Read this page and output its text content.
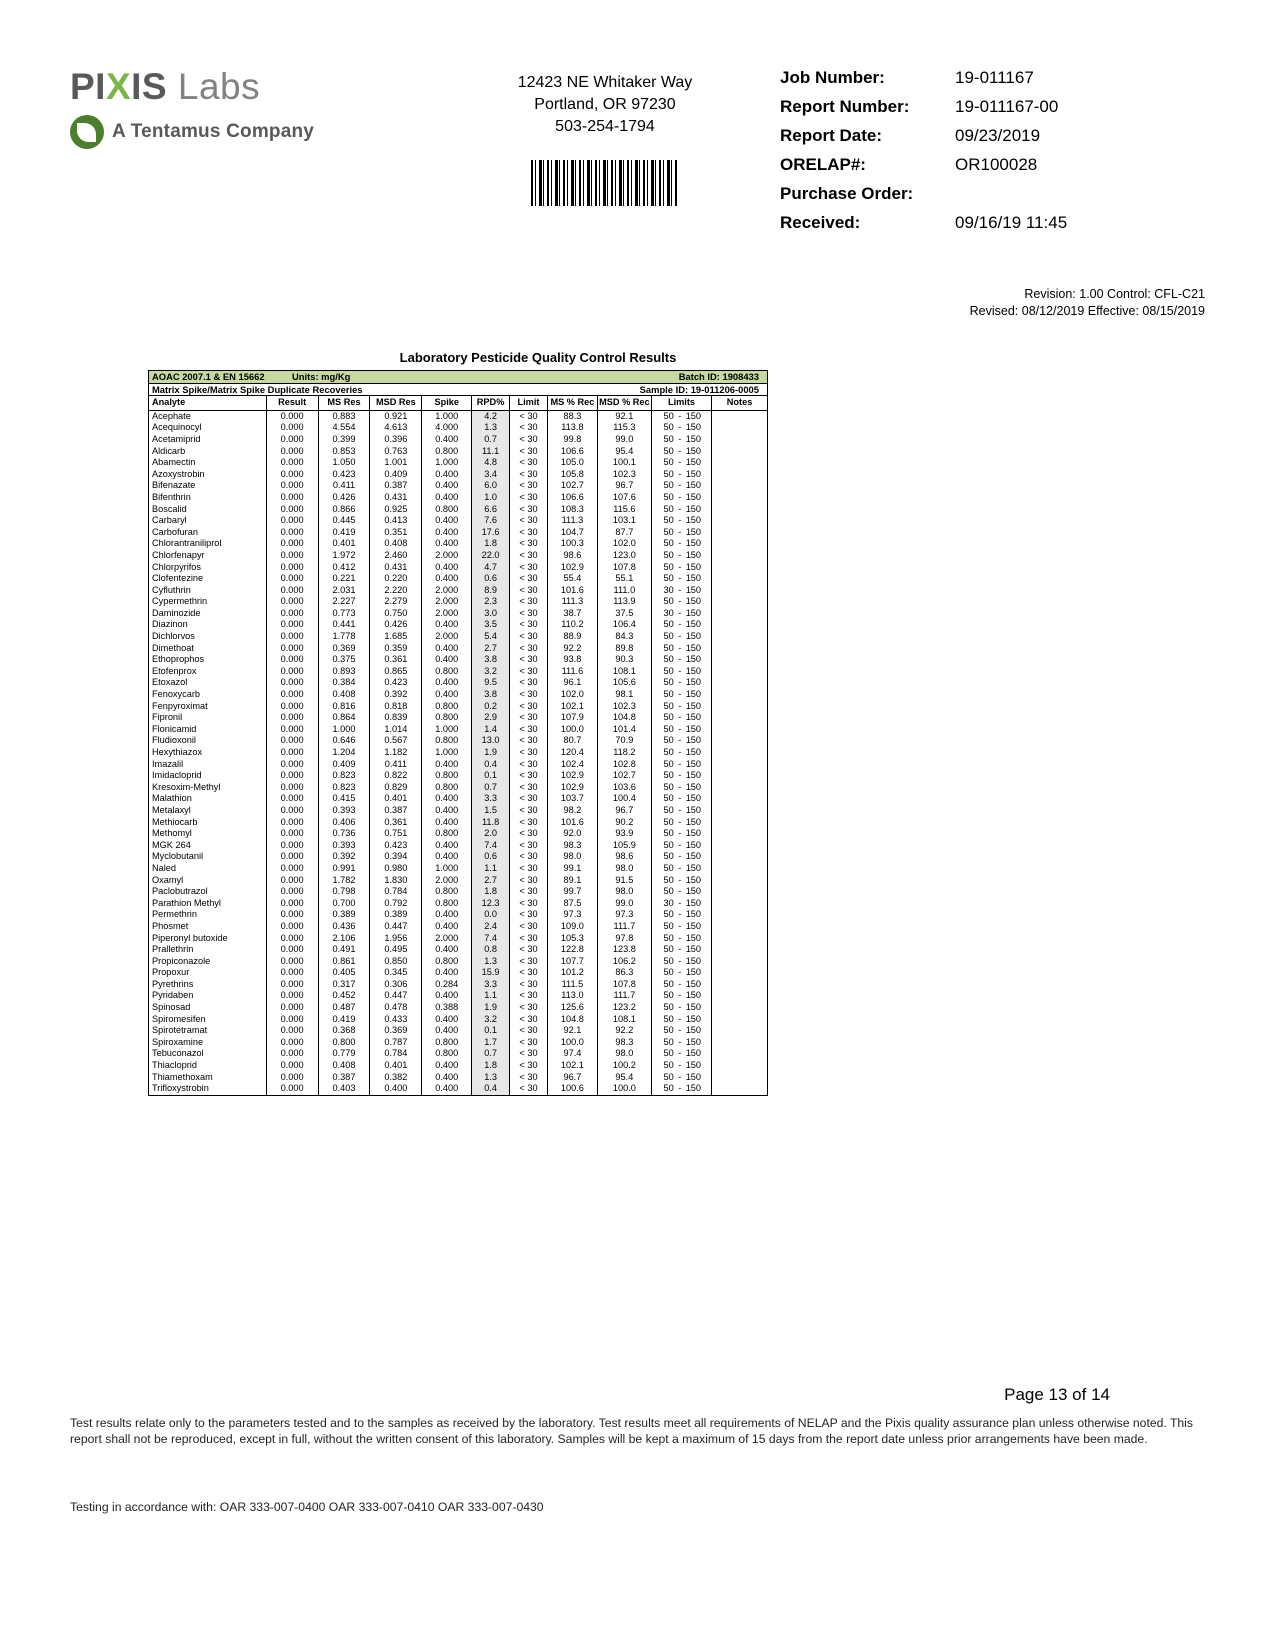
PIXIS Labs
A Tentamus Company
12423 NE Whitaker Way
Portland, OR 97230
503-254-1794
Job Number:	19-011167
Report Number:	19-011167-00
Report Date:	09/23/2019
ORELAP#:	OR100028
Purchase Order:
Received:	09/16/19 11:45
Revision: 1.00 Control: CFL-C21
Revised: 08/12/2019 Effective: 08/15/2019
Laboratory Pesticide Quality Control Results
AOAC 2007.1 & EN 15662 Units: mg/Kg Batch ID: 1908433												

Matrix Spike/Matrix Spike Duplicate Recoveries Sample ID: 19-011206-0005												

Analyte	Result	MS Res	MSD Res	Spike	RPD%	Limit	MS % Rec	MSD % Rec	Limits			Notes
Acephate	0.000	0.883	0.921	1.000	4.2	< 30	88.3	92.1	50	-	150	
Acequinocyl	0.000	4.554	4.613	4.000	1.3	< 30	113.8	115.3	50	-	150	
Acetamiprid	0.000	0.399	0.396	0.400	0.7	< 30	99.8	99.0	50	-	150	
Aldicarb	0.000	0.853	0.763	0.800	11.1	< 30	106.6	95.4	50	-	150	
Abamectin	0.000	1.050	1.001	1.000	4.8	< 30	105.0	100.1	50	-	150	
Azoxystrobin	0.000	0.423	0.409	0.400	3.4	< 30	105.8	102.3	50	-	150	
Bifenazate	0.000	0.411	0.387	0.400	6.0	< 30	102.7	96.7	50	-	150	
Bifenthrin	0.000	0.426	0.431	0.400	1.0	< 30	106.6	107.6	50	-	150	
Boscalid	0.000	0.866	0.925	0.800	6.6	< 30	108.3	115.6	50	-	150	
Carbaryl	0.000	0.445	0.413	0.400	7.6	< 30	111.3	103.1	50	-	150	
Carbofuran	0.000	0.419	0.351	0.400	17.6	< 30	104.7	87.7	50	-	150	
Chlorantraniliprol	0.000	0.401	0.408	0.400	1.8	< 30	100.3	102.0	50	-	150	
Chlorfenapyr	0.000	1.972	2.460	2.000	22.0	< 30	98.6	123.0	50	-	150	
Chlorpyrifos	0.000	0.412	0.431	0.400	4.7	< 30	102.9	107.8	50	-	150	
Clofentezine	0.000	0.221	0.220	0.400	0.6	< 30	55.4	55.1	50	-	150	
Cyfluthrin	0.000	2.031	2.220	2.000	8.9	< 30	101.6	111.0	30	-	150	
Cypermethrin	0.000	2.227	2.279	2.000	2.3	< 30	111.3	113.9	50	-	150	
Daminozide	0.000	0.773	0.750	2.000	3.0	< 30	38.7	37.5	30	-	150	
Diazinon	0.000	0.441	0.426	0.400	3.5	< 30	110.2	106.4	50	-	150	
Dichlorvos	0.000	1.778	1.685	2.000	5.4	< 30	88.9	84.3	50	-	150	
Dimethoat	0.000	0.369	0.359	0.400	2.7	< 30	92.2	89.8	50	-	150	
Ethoprophos	0.000	0.375	0.361	0.400	3.8	< 30	93.8	90.3	50	-	150	
Etofenprox	0.000	0.893	0.865	0.800	3.2	< 30	111.6	108.1	50	-	150	
Etoxazol	0.000	0.384	0.423	0.400	9.5	< 30	96.1	105.6	50	-	150	
Fenoxycarb	0.000	0.408	0.392	0.400	3.8	< 30	102.0	98.1	50	-	150	
Fenpyroximat	0.000	0.816	0.818	0.800	0.2	< 30	102.1	102.3	50	-	150	
Fipronil	0.000	0.864	0.839	0.800	2.9	< 30	107.9	104.8	50	-	150	
Flonicamid	0.000	1.000	1.014	1.000	1.4	< 30	100.0	101.4	50	-	150	
Fludioxonil	0.000	0.646	0.567	0.800	13.0	< 30	80.7	70.9	50	-	150	
Hexythiazox	0.000	1.204	1.182	1.000	1.9	< 30	120.4	118.2	50	-	150	
Imazalil	0.000	0.409	0.411	0.400	0.4	< 30	102.4	102.8	50	-	150	
Imidacloprid	0.000	0.823	0.822	0.800	0.1	< 30	102.9	102.7	50	-	150	
Kresoxim-Methyl	0.000	0.823	0.829	0.800	0.7	< 30	102.9	103.6	50	-	150	
Malathion	0.000	0.415	0.401	0.400	3.3	< 30	103.7	100.4	50	-	150	
Metalaxyl	0.000	0.393	0.387	0.400	1.5	< 30	98.2	96.7	50	-	150	
Methiocarb	0.000	0.406	0.361	0.400	11.8	< 30	101.6	90.2	50	-	150	
Methomyl	0.000	0.736	0.751	0.800	2.0	< 30	92.0	93.9	50	-	150	
MGK 264	0.000	0.393	0.423	0.400	7.4	< 30	98.3	105.9	50	-	150	
Myclobutanil	0.000	0.392	0.394	0.400	0.6	< 30	98.0	98.6	50	-	150	
Naled	0.000	0.991	0.980	1.000	1.1	< 30	99.1	98.0	50	-	150	
Oxamyl	0.000	1.782	1.830	2.000	2.7	< 30	89.1	91.5	50	-	150	
Paclobutrazol	0.000	0.798	0.784	0.800	1.8	< 30	99.7	98.0	50	-	150	
Parathion Methyl	0.000	0.700	0.792	0.800	12.3	< 30	87.5	99.0	30	-	150	
Permethrin	0.000	0.389	0.389	0.400	0.0	< 30	97.3	97.3	50	-	150	
Phosmet	0.000	0.436	0.447	0.400	2.4	< 30	109.0	111.7	50	-	150	
Piperonyl butoxide	0.000	2.106	1.956	2.000	7.4	< 30	105.3	97.8	50	-	150	
Prallethrin	0.000	0.491	0.495	0.400	0.8	< 30	122.8	123.8	50	-	150	
Propiconazole	0.000	0.861	0.850	0.800	1.3	< 30	107.7	106.2	50	-	150	
Propoxur	0.000	0.405	0.345	0.400	15.9	< 30	101.2	86.3	50	-	150	
Pyrethrins	0.000	0.317	0.306	0.284	3.3	< 30	111.5	107.8	50	-	150	
Pyridaben	0.000	0.452	0.447	0.400	1.1	< 30	113.0	111.7	50	-	150	
Spinosad	0.000	0.487	0.478	0.388	1.9	< 30	125.6	123.2	50	-	150	
Spiromesifen	0.000	0.419	0.433	0.400	3.2	< 30	104.8	108.1	50	-	150	
Spirotetramat	0.000	0.368	0.369	0.400	0.1	< 30	92.1	92.2	50	-	150	
Spiroxamine	0.000	0.800	0.787	0.800	1.7	< 30	100.0	98.3	50	-	150	
Tebuconazol	0.000	0.779	0.784	0.800	0.7	< 30	97.4	98.0	50	-	150	
Thiacloprid	0.000	0.408	0.401	0.400	1.8	< 30	102.1	100.2	50	-	150	
Thiamethoxam	0.000	0.387	0.382	0.400	1.3	< 30	96.7	95.4	50	-	150	
Trifloxystrobin	0.000	0.403	0.400	0.400	0.4	< 30	100.6	100.0	50	-	150	
Page 13 of 14
Test results relate only to the parameters tested and to the samples as received by the laboratory. Test results meet all requirements of NELAP and the Pixis quality assurance plan unless otherwise noted. This report shall not be reproduced, except in full, without the written consent of this laboratory. Samples will be kept a maximum of 15 days from the report date unless prior arrangements have been made.
Testing in accordance with: OAR 333-007-0400 OAR 333-007-0410 OAR 333-007-0430
